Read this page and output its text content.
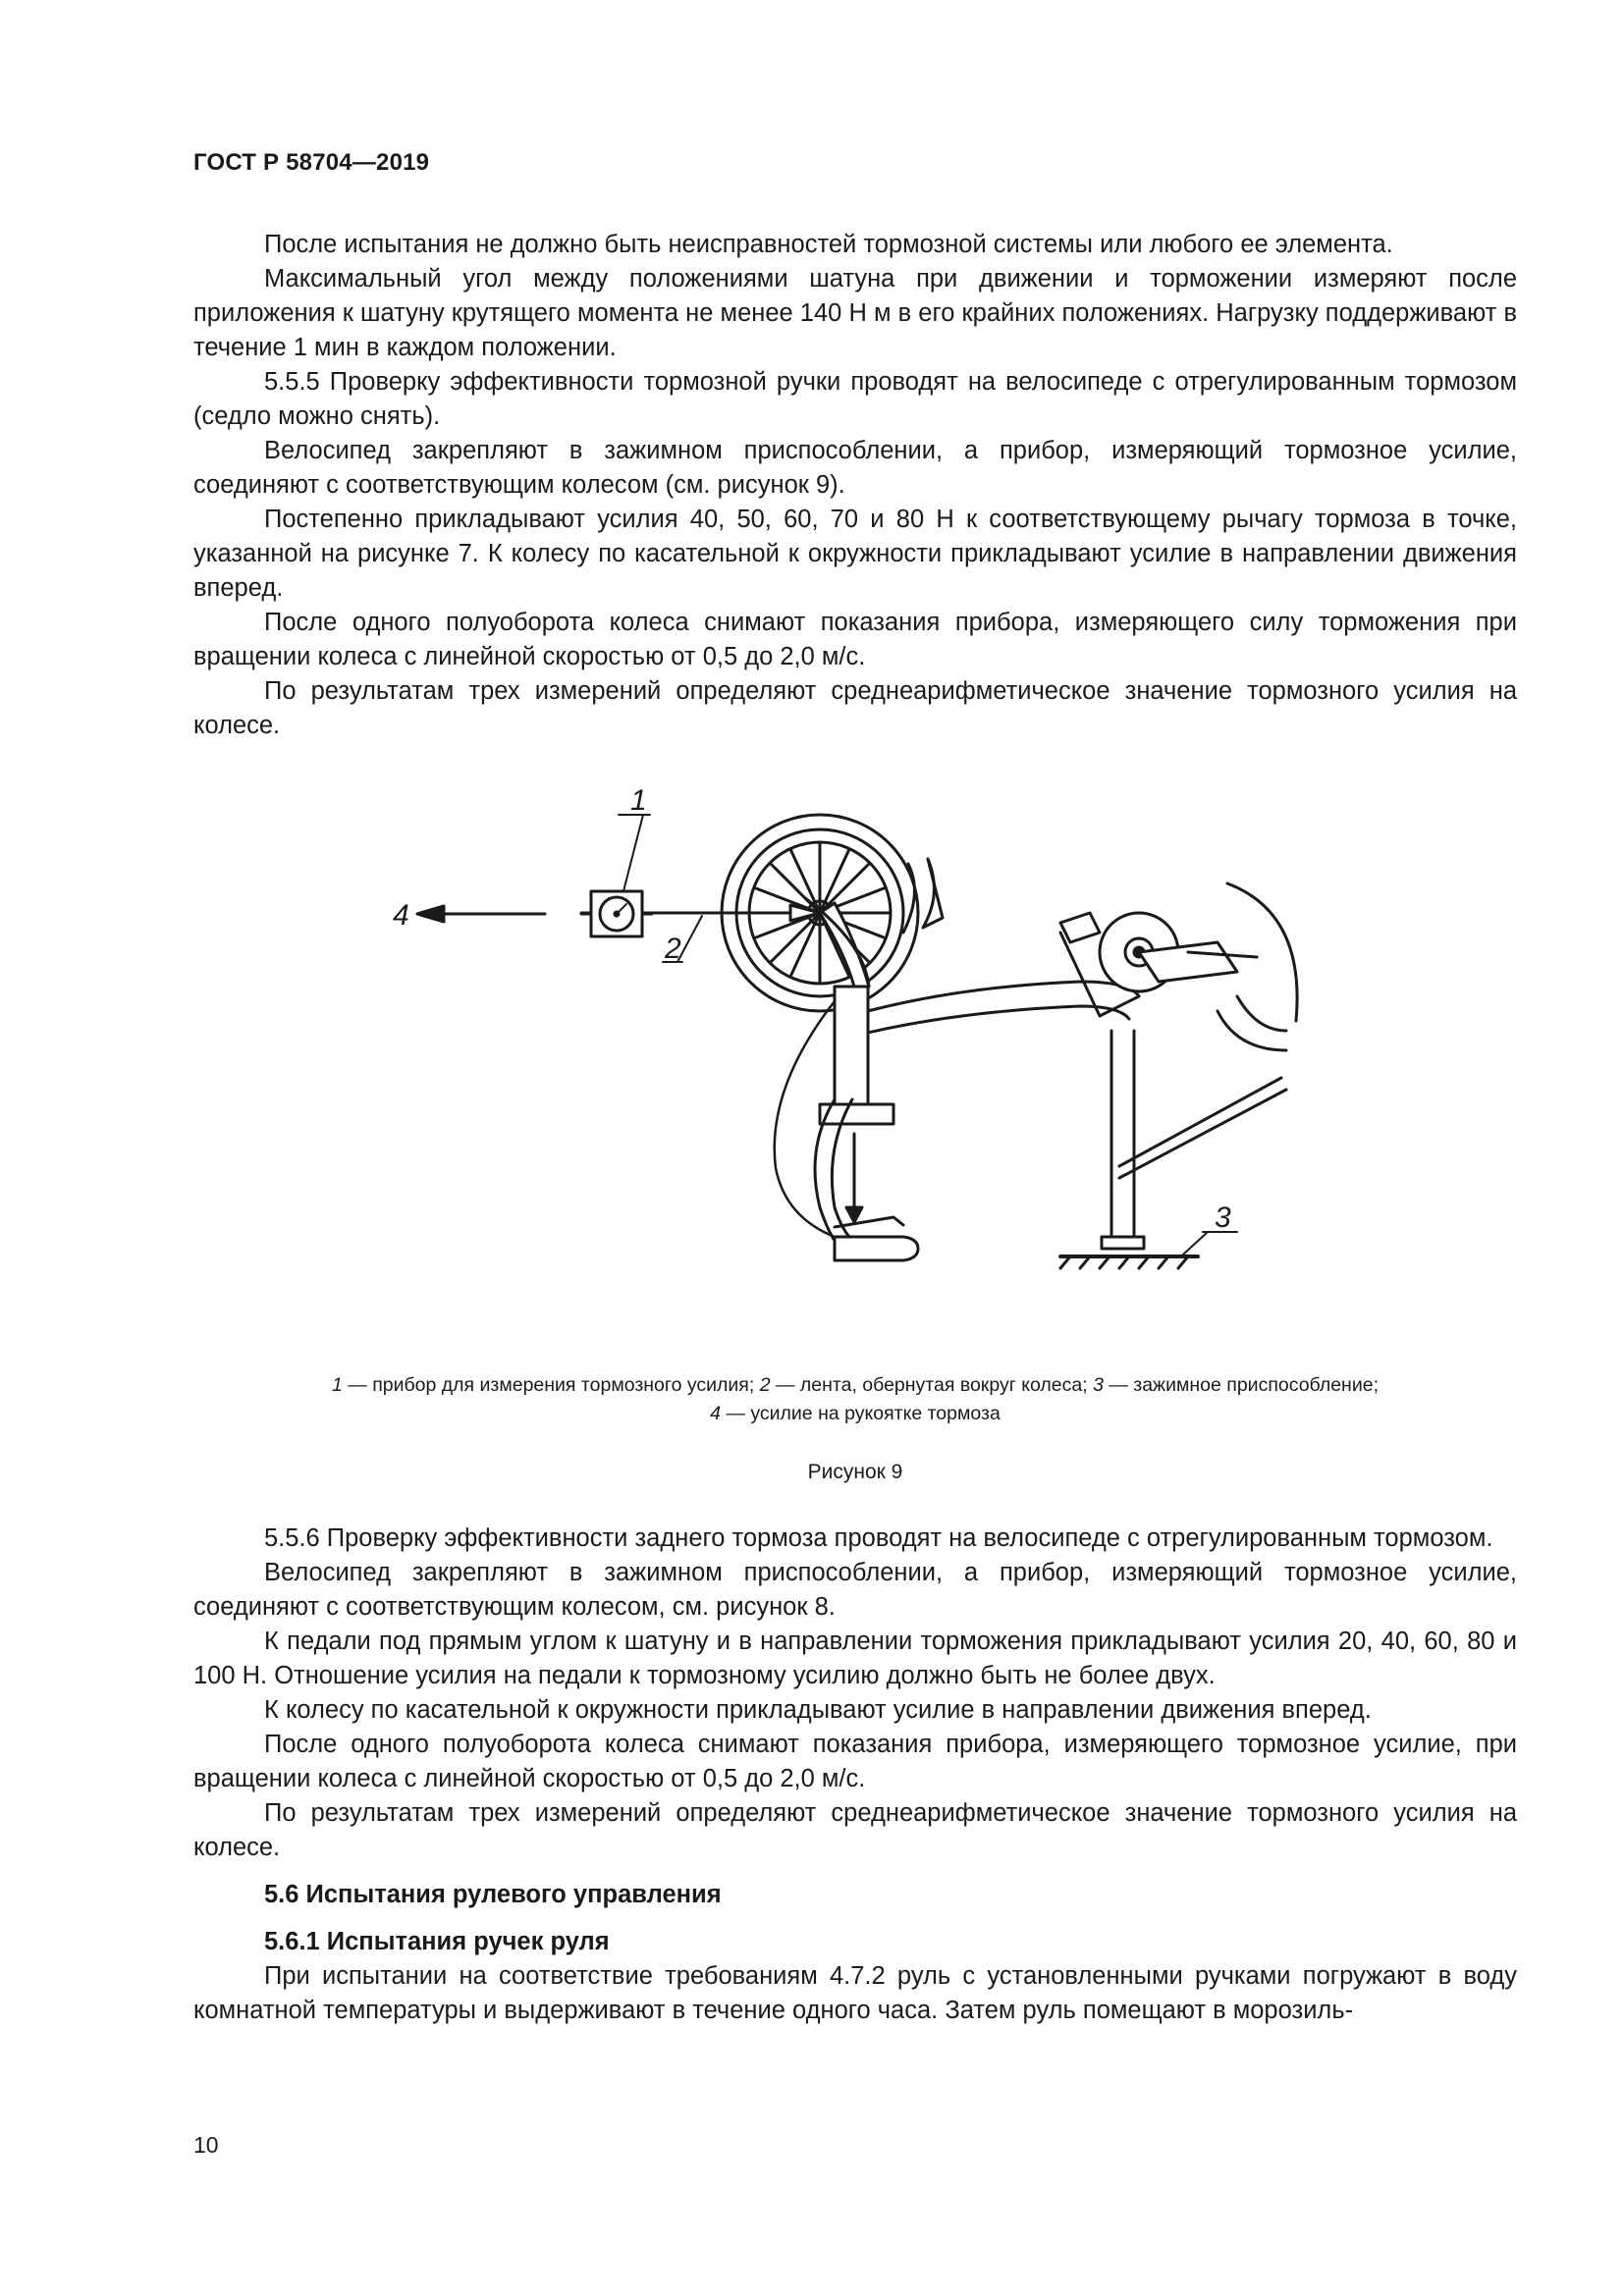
ГОСТ Р 58704—2019

После испытания не должно быть неисправностей тормозной системы или любого ее элемента.

Максимальный угол между положениями шатуна при движении и торможении измеряют после приложения к шатуну крутящего момента не менее 140 Н м в его крайних положениях. Нагрузку поддерживают в течение 1 мин в каждом положении.

5.5.5 Проверку эффективности тормозной ручки проводят на велосипеде с отрегулированным тормозом (седло можно снять).

Велосипед закрепляют в зажимном приспособлении, а прибор, измеряющий тормозное усилие, соединяют с соответствующим колесом (см. рисунок 9).

Постепенно прикладывают усилия 40, 50, 60, 70 и 80 Н к соответствующему рычагу тормоза в точке, указанной на рисунке 7. К колесу по касательной к окружности прикладывают усилие в направлении движения вперед.

После одного полуоборота колеса снимают показания прибора, измеряющего силу торможения при вращении колеса с линейной скоростью от 0,5 до 2,0 м/с.

По результатам трех измерений определяют среднеарифметическое значение тормозного усилия на колесе.

1
2
3
4
1 — прибор для измерения тормозного усилия; 2 — лента, обернутая вокруг колеса; 3 — зажимное приспособление;
4 — усилие на рукоятке тормоза
Рисунок 9

5.5.6 Проверку эффективности заднего тормоза проводят на велосипеде с отрегулированным тормозом.

Велосипед закрепляют в зажимном приспособлении, а прибор, измеряющий тормозное усилие, соединяют с соответствующим колесом, см. рисунок 8.

К педали под прямым углом к шатуну и в направлении торможения прикладывают усилия 20, 40, 60, 80 и 100 Н. Отношение усилия на педали к тормозному усилию должно быть не более двух.

К колесу по касательной к окружности прикладывают усилие в направлении движения вперед.

После одного полуоборота колеса снимают показания прибора, измеряющего тормозное усилие, при вращении колеса с линейной скоростью от 0,5 до 2,0 м/с.

По результатам трех измерений определяют среднеарифметическое значение тормозного усилия на колесе.

5.6 Испытания рулевого управления
5.6.1 Испытания ручек руля

При испытании на соответствие требованиям 4.7.2 руль с установленными ручками погружают в воду комнатной температуры и выдерживают в течение одного часа. Затем руль помещают в морозиль-

10
